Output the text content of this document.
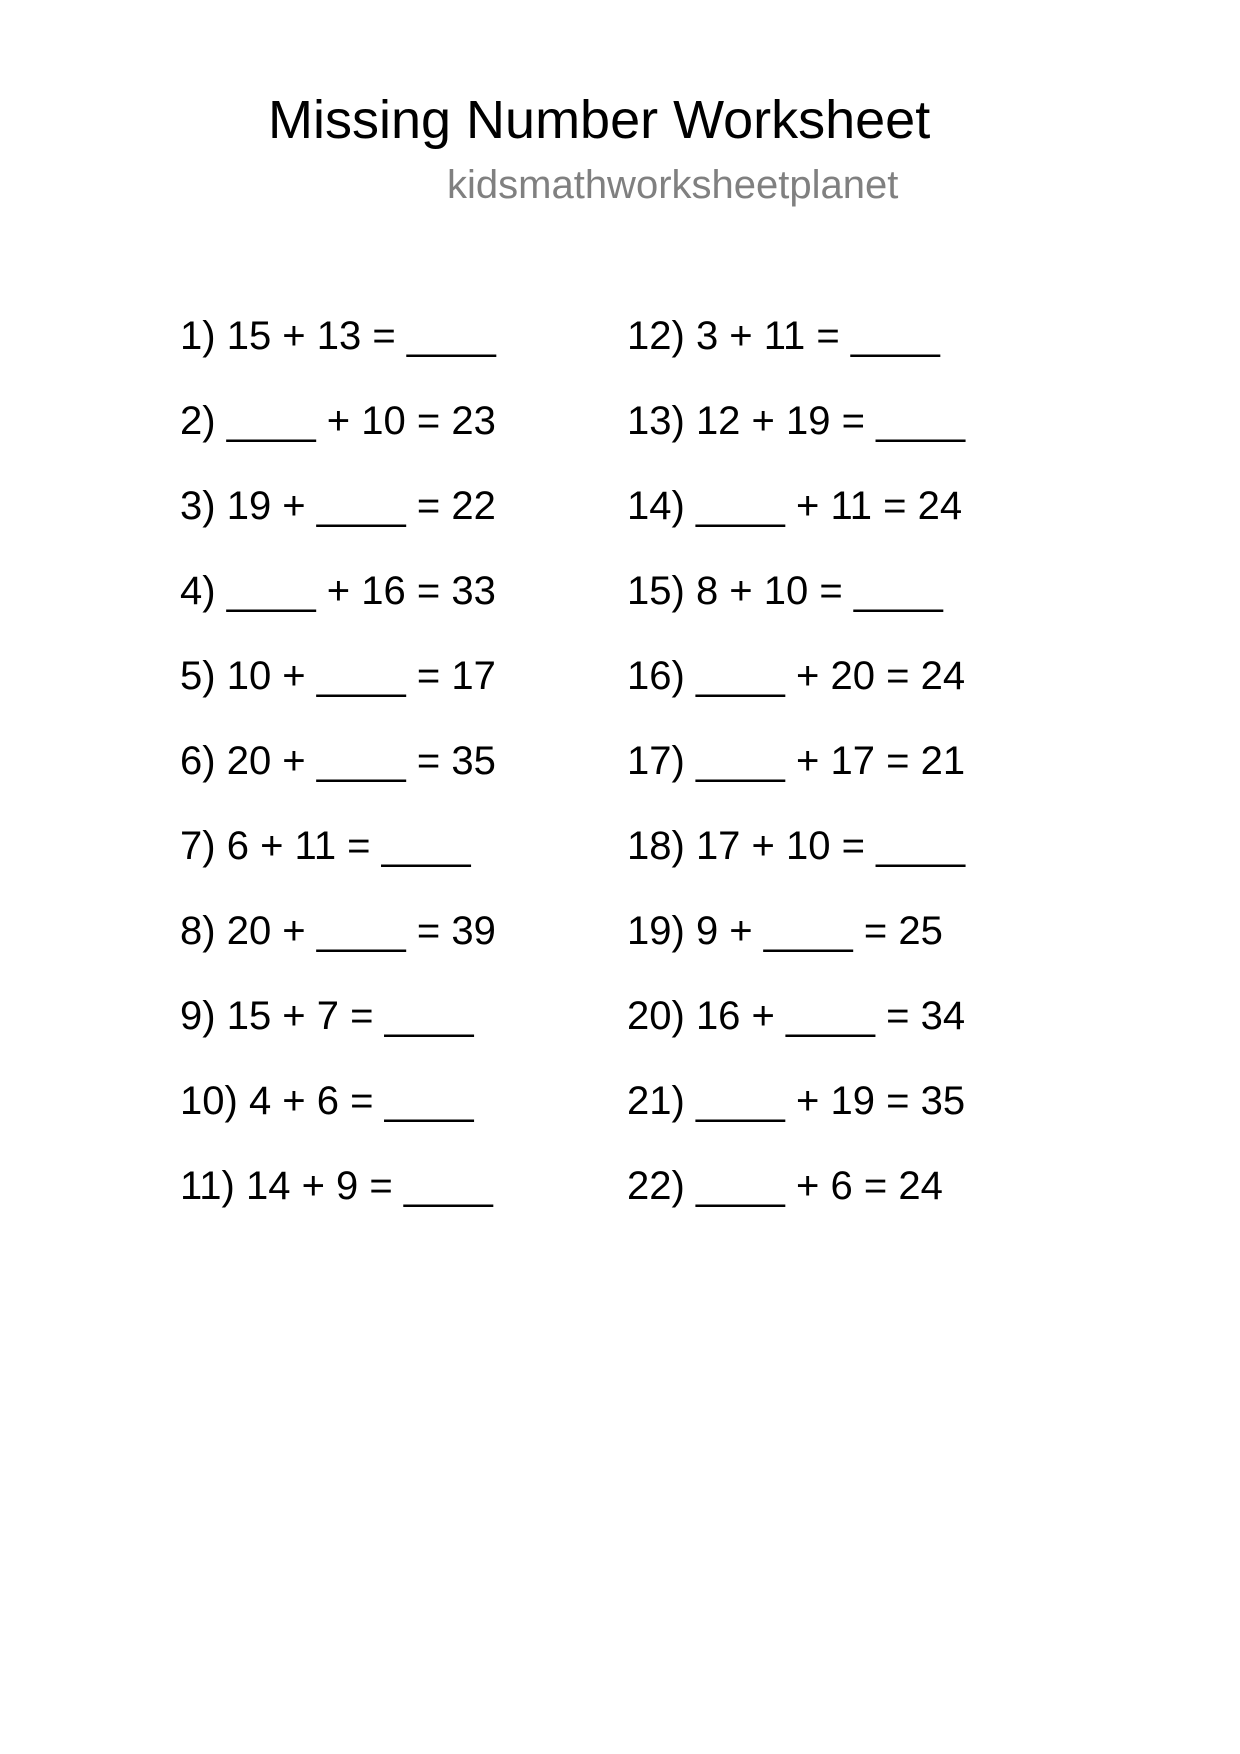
Missing Number Worksheet
kidsmathworksheetplanet
1) 15 + 13 = ____
2) ____ + 10 = 23
3) 19 + ____ = 22
4) ____ + 16 = 33
5) 10 + ____ = 17
6) 20 + ____ = 35
7) 6 + 11 = ____
8) 20 + ____ = 39
9) 15 + 7 = ____
10) 4 + 6 = ____
11) 14 + 9 = ____
12) 3 + 11 = ____
13) 12 + 19 = ____
14) ____ + 11 = 24
15) 8 + 10 = ____
16) ____ + 20 = 24
17) ____ + 17 = 21
18) 17 + 10 = ____
19) 9 + ____ = 25
20) 16 + ____ = 34
21) ____ + 19 = 35
22) ____ + 6 = 24
